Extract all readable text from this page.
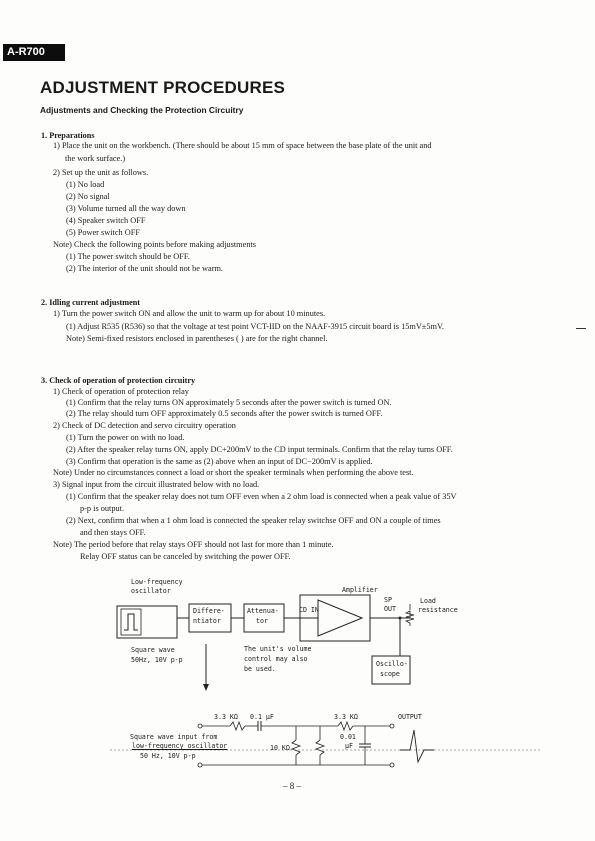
A-R700
ADJUSTMENT PROCEDURES
Adjustments and Checking the Protection Circuitry
1. Preparations
1) Place the unit on the workbench. (There should be about 15 mm of space between the base plate of the unit and
the work surface.)
2) Set up the unit as follows.
(1) No load
(2) No signal
(3) Volume turned all the way down
(4) Speaker switch OFF
(5) Power switch OFF
Note) Check the following points before making adjustments
(1) The power switch should be OFF.
(2) The interior of the unit should not be warm.
2. Idling current adjustment
1) Turn the power switch ON and allow the unit to warm up for about 10 minutes.
(1) Adjust R535 (R536) so that the voltage at test point VCT-IID on the NAAF-3915 circuit board is 15mV±5mV.
Note) Semi-fixed resistors enclosed in parentheses ( ) are for the right channel.
3. Check of operation of protection circuitry
1) Check of operation of protection relay
(1) Confirm that the relay turns ON approximately 5 seconds after the power switch is turned ON.
(2) The relay should turn OFF approximately 0.5 seconds after the power switch is turned OFF.
2) Check of DC detection and servo circuitry operation
(1) Turn the power on with no load.
(2) After the speaker relay turns ON, apply DC+200mV to the CD input terminals. Confirm that the relay turns OFF.
(3) Confirm that operation is the same as (2) above when an input of DC−200mV is applied.
Note) Under no circumstances connect a load or short the speaker terminals when performing the above test.
3) Signal input from the circuit illustrated below with no load.
(1) Confirm that the speaker relay does not turn OFF even when a 2 ohm load is connected when a peak value of 35V
p-p is output.
(2) Next, confirm that when a 1 ohm load is connected the speaker relay switchse OFF and ON a couple of times
and then stays OFF.
Note) The period before that relay stays OFF should not last for more than 1 minute.
Relay OFF status can be canceled by switching the power OFF.
Low-frequency
oscillator
Differe-
ntiator
Attenua-
tor
CD IN
Amplifier
SP
OUT
Load
resistance
Square wave
50Hz, 10V p-p
The unit's volume
control may also
be used.
Oscillo-
scope
3.3 KΩ 0.1 μF	3.3 KΩ	OUTPUT
10 KΩ
0.01
μF
Square wave input from
low-frequency oscillator
50 Hz, 10V p-p
– 8 –
